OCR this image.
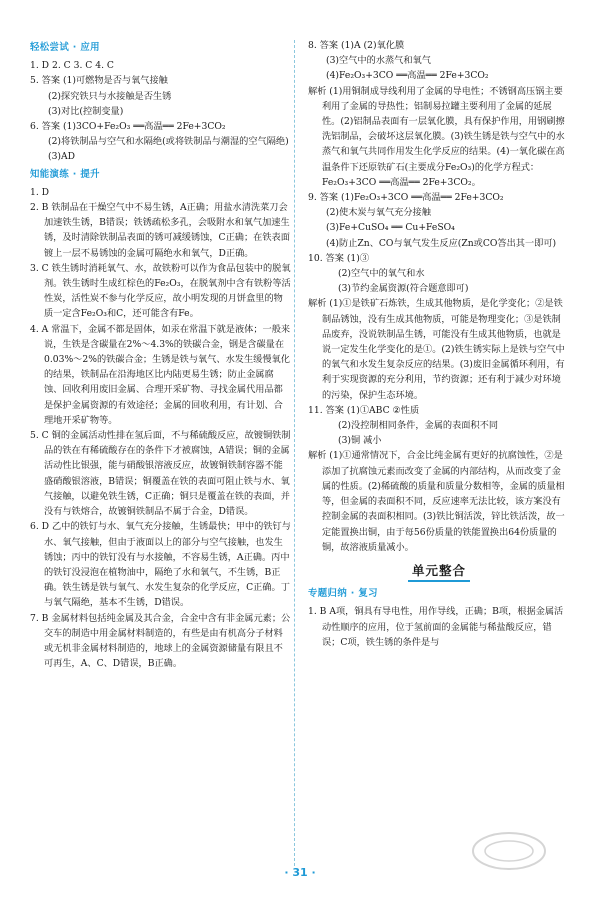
轻松尝试 · 应用

1. D 2. C 3. C 4. C

5. 答案 (1)可燃物是否与氧气接触

(2)探究铁只与水接触是否生锈

(3)对比(控制变量)

6. 答案 (1)3CO+Fe₂O₃ ══高温══ 2Fe+3CO₂

(2)将铁制品与空气和水隔绝(或将铁制品与潮湿的空气隔绝)

(3)AD

知能演练 · 提升

1. D

2. B 铁制品在干燥空气中不易生锈，A正确；用盐水清洗菜刀会加速铁生锈，B错误；铁锈疏松多孔，会吸附水和氧气加速生锈，及时清除铁制品表面的锈可减缓锈蚀，C正确；在铁表面镀上一层不易锈蚀的金属可隔绝水和氧气，D正确。

3. C 铁生锈时消耗氧气、水，故铁粉可以作为食品包装中的脱氧剂。铁生锈时生成红棕色的Fe₂O₃，在脱氧剂中含有铁粉等活性炭，活性炭不参与化学反应，故小明发现的月饼盒里的物质一定含Fe₂O₃和C，还可能含有Fe。

4. A 常温下，金属不都是固体，如汞在常温下就是液体；一般来说，生铁是含碳量在2%～4.3%的铁碳合金，钢是含碳量在0.03%～2%的铁碳合金；生锈是铁与氧气、水发生缓慢氧化的结果，铁制品在沿海地区比内陆更易生锈；防止金属腐蚀、回收利用废旧金属、合理开采矿物、寻找金属代用品都是保护金属资源的有效途径；金属的回收利用，有计划、合理地开采矿物等。

5. C 铜的金属活动性排在氢后面，不与稀硫酸反应，故镀铜铁制品的铁在有稀硫酸存在的条件下才被腐蚀，A错误；铜的金属活动性比银强，能与硝酸银溶液反应，故镀铜铁制容器不能盛硝酸银溶液，B错误；铜覆盖在铁的表面可阻止铁与水、氧气接触，以避免铁生锈，C正确；铜只是覆盖在铁的表面，并没有与铁熔合，故镀铜铁制品不属于合金，D错误。

6. D 乙中的铁钉与水、氧气充分接触，生锈最快；甲中的铁钉与水、氧气接触，但由于液面以上的部分与空气接触，也发生锈蚀；丙中的铁钉没有与水接触，不容易生锈，A正确。丙中的铁钉没浸泡在植物油中，隔绝了水和氧气，不生锈，B正确。铁生锈是铁与氧气、水发生复杂的化学反应，C正确。丁与氧气隔绝，基本不生锈，D错误。

7. B 金属材料包括纯金属及其合金，合金中含有非金属元素；公交车的制造中用金属材料制造的，有些是由有机高分子材料或无机非金属材料制造的，地球上的金属资源储量有限且不可再生，A、C、D错误，B正确。

8. 答案 (1)A (2)氧化膜

(3)空气中的水蒸气和氧气

(4)Fe₂O₃+3CO ══高温══ 2Fe+3CO₂

解析 (1)用铜制成导线利用了金属的导电性；不锈钢高压锅主要利用了金属的导热性；铝制易拉罐主要利用了金属的延展性。(2)铝制品表面有一层氧化膜，具有保护作用，用钢刷擦洗铝制品，会破坏这层氧化膜。(3)铁生锈是铁与空气中的水蒸气和氧气共同作用发生化学反应的结果。(4)一氧化碳在高温条件下还原铁矿石(主要成分Fe₂O₃)的化学方程式：Fe₂O₃+3CO ══高温══ 2Fe+3CO₂。

9. 答案 (1)Fe₂O₃+3CO ══高温══ 2Fe+3CO₂

(2)使木炭与氧气充分接触

(3)Fe+CuSO₄ ══ Cu+FeSO₄

(4)防止Zn、CO与氧气发生反应(Zn或CO答出其一即可)

10. 答案 (1)③

(2)空气中的氧气和水

(3)节约金属资源(符合题意即可)

解析 (1)①是铁矿石炼铁，生成其他物质，是化学变化；②是铁制品锈蚀，没有生成其他物质，可能是物理变化；③是铁制品废弃，没说铁制品生锈，可能没有生成其他物质，也就是说一定发生化学变化的是①。(2)铁生锈实际上是铁与空气中的氧气和水发生复杂反应的结果。(3)废旧金属循环利用，有利于实现资源的充分利用，节约资源；还有利于减少对环境的污染，保护生态环境。

11. 答案 (1)①ABC ②性质

(2)没控制相同条件，金属的表面积不同

(3)铜 减小

解析 (1)①通常情况下，合金比纯金属有更好的抗腐蚀性，②是添加了抗腐蚀元素而改变了金属的内部结构，从而改变了金属的性质。(2)稀硫酸的质量和质量分数相等，金属的质量相等，但金属的表面积不同，反应速率无法比较，该方案没有控制金属的表面积相同。(3)铁比铜活泼，锌比铁活泼，故一定能置换出铜，由于每56份质量的铁能置换出64份质量的铜，故溶液质量减小。

单元整合
专题归纳 · 复习

1. B A项，铜具有导电性，用作导线，正确；B项，根据金属活动性顺序的应用，位于氢前面的金属能与稀盐酸反应，错误；C项，铁生锈的条件是与

· 31 ·
